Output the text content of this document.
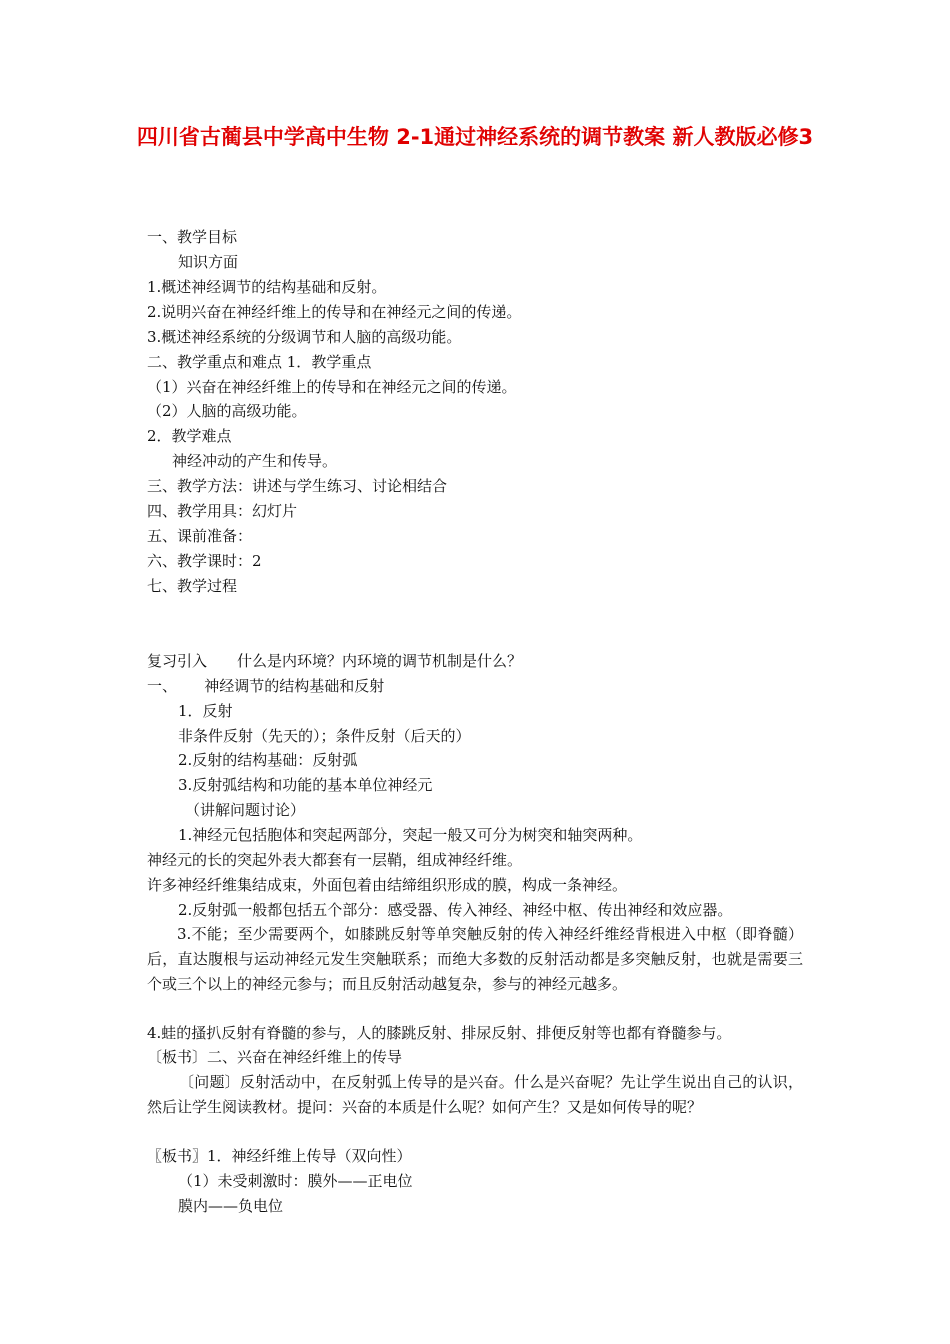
四川省古蔺县中学高中生物 2-1通过神经系统的调节教案 新人教版必修3
一、教学目标
知识方面
1.概述神经调节的结构基础和反射。
2.说明兴奋在神经纤维上的传导和在神经元之间的传递。
3.概述神经系统的分级调节和人脑的高级功能。
二、教学重点和难点 1．教学重点
（1）兴奋在神经纤维上的传导和在神经元之间的传递。
（2）人脑的高级功能。
2．教学难点
神经冲动的产生和传导。
三、教学方法：讲述与学生练习、讨论相结合
四、教学用具：幻灯片
五、课前准备：
六、教学课时：2
七、教学过程
复习引入　　什么是内环境？内环境的调节机制是什么？
一、　　 神经调节的结构基础和反射
1．反射
非条件反射（先天的）；条件反射（后天的）
2.反射的结构基础：反射弧
3.反射弧结构和功能的基本单位神经元
（讲解问题讨论）
1.神经元包括胞体和突起两部分，突起一般又可分为树突和轴突两种。
神经元的长的突起外表大都套有一层鞘，组成神经纤维。
许多神经纤维集结成束，外面包着由结缔组织形成的膜，构成一条神经。
2.反射弧一般都包括五个部分：感受器、传入神经、神经中枢、传出神经和效应器。
3.不能；至少需要两个，如膝跳反射等单突触反射的传入神经纤维经背根进入中枢（即脊髓）后，直达腹根与运动神经元发生突触联系；而绝大多数的反射活动都是多突触反射，也就是需要三个或三个以上的神经元参与；而且反射活动越复杂，参与的神经元越多。
4.蛙的搔扒反射有脊髓的参与，人的膝跳反射、排尿反射、排便反射等也都有脊髓参与。
〔板书〕二、兴奋在神经纤维上的传导
〔问题〕反射活动中，在反射弧上传导的是兴奋。什么是兴奋呢？先让学生说出自己的认识，然后让学生阅读教材。提问：兴奋的本质是什么呢？如何产生？又是如何传导的呢？
〖板书〗1．神经纤维上传导（双向性）
（1）未受刺激时：膜外——正电位
膜内——负电位
